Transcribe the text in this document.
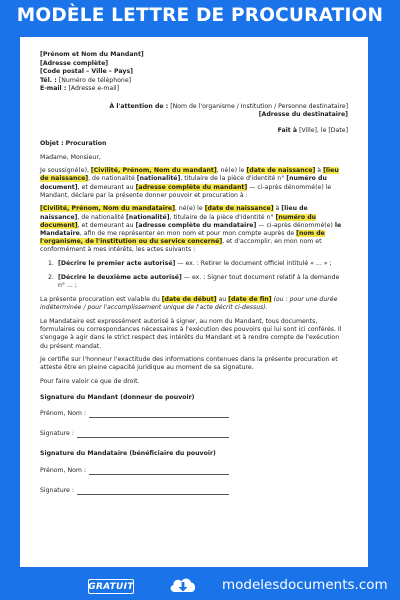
MODÈLE LETTRE DE PROCURATION
[Prénom et Nom du Mandant]
[Adresse complète]
[Code postal – Ville – Pays]
Tél. : [Numéro de téléphone]
E-mail : [Adresse e-mail]
À l'attention de : [Nom de l'organisme / Institution / Personne destinataire]
[Adresse du destinataire]
Fait à [Ville], le [Date]

Objet : Procuration

Madame, Monsieur,

Je soussigné(e), [Civilité, Prénom, Nom du mandant], né(e) le [date de naissance] à [lieu de naissance], de nationalité [nationalité], titulaire de la pièce d'identité n° [numéro du document], et demeurant au [adresse complète du mandant] — ci-après dénommé(e) le Mandant, déclare par la présente donner pouvoir et procuration à :

[Civilité, Prénom, Nom du mandataire], né(e) le [date de naissance] à [lieu de naissance], de nationalité [nationalité], titulaire de la pièce d'identité n° [numéro du document], et demeurant au [adresse complète du mandataire] — ci-après dénommé(e) le Mandataire, afin de me représenter en mon nom et pour mon compte auprès de [nom de l'organisme, de l'institution ou du service concerné], et d'accomplir, en mon nom et conformément à mes intérêts, les actes suivants :

1. [Décrire le premier acte autorisé] — ex. : Retirer le document officiel intitulé « ... » ;
2. [Décrire le deuxième acte autorisé] — ex. : Signer tout document relatif à la demande n° ... ;

La présente procuration est valable du [date de début] au [date de fin] (ou : pour une durée indéterminée / pour l'accomplissement unique de l'acte décrit ci-dessus).

Le Mandataire est expressément autorisé à signer, au nom du Mandant, tous documents, formulaires ou correspondances nécessaires à l'exécution des pouvoirs qui lui sont ici conférés. Il s'engage à agir dans le strict respect des intérêts du Mandant et à rendre compte de l'exécution du présent mandat.

Je certifie sur l'honneur l'exactitude des informations contenues dans la présente procuration et atteste être en pleine capacité juridique au moment de sa signature.

Pour faire valoir ce que de droit.

Signature du Mandant (donneur de pouvoir)
Prénom, Nom :
Signature :
Signature du Mandataire (bénéficiaire du pouvoir)
Prénom, Nom :
Signature :
GRATUIT	modelesdocuments.com
